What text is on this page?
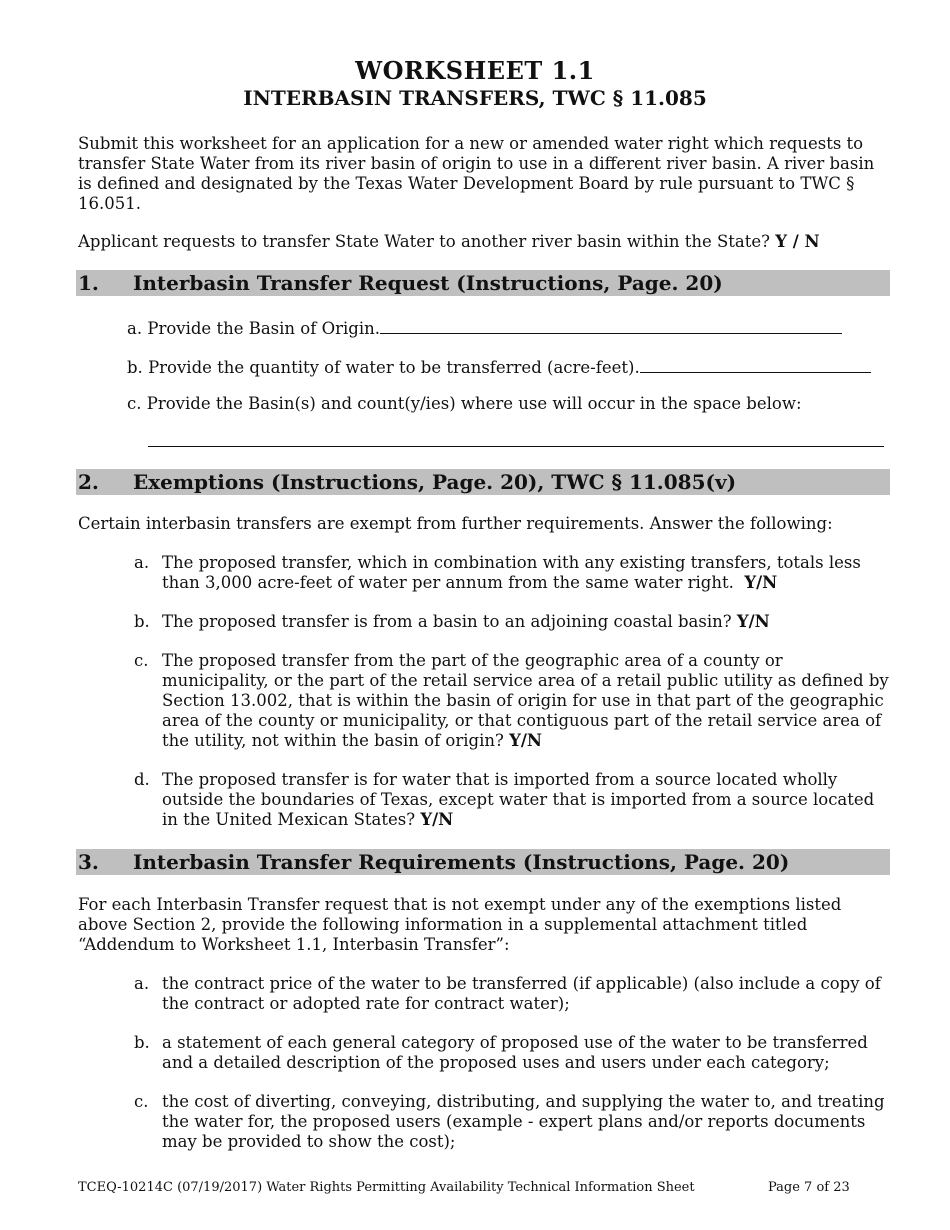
WORKSHEET 1.1
INTERBASIN TRANSFERS, TWC § 11.085
Submit this worksheet for an application for a new or amended water right which requests to transfer State Water from its river basin of origin to use in a different river basin. A river basin is defined and designated by the Texas Water Development Board by rule pursuant to TWC § 16.051.
Applicant requests to transfer State Water to another river basin within the State? Y / N
1. Interbasin Transfer Request (Instructions, Page. 20)
a. Provide the Basin of Origin.
b. Provide the quantity of water to be transferred (acre-feet).
c. Provide the Basin(s) and count(y/ies) where use will occur in the space below:
2. Exemptions (Instructions, Page. 20), TWC § 11.085(v)
Certain interbasin transfers are exempt from further requirements. Answer the following:
a. The proposed transfer, which in combination with any existing transfers, totals less than 3,000 acre-feet of water per annum from the same water right. Y/N
b. The proposed transfer is from a basin to an adjoining coastal basin? Y/N
c. The proposed transfer from the part of the geographic area of a county or municipality, or the part of the retail service area of a retail public utility as defined by Section 13.002, that is within the basin of origin for use in that part of the geographic area of the county or municipality, or that contiguous part of the retail service area of the utility, not within the basin of origin? Y/N
d. The proposed transfer is for water that is imported from a source located wholly outside the boundaries of Texas, except water that is imported from a source located in the United Mexican States? Y/N
3. Interbasin Transfer Requirements (Instructions, Page. 20)
For each Interbasin Transfer request that is not exempt under any of the exemptions listed above Section 2, provide the following information in a supplemental attachment titled “Addendum to Worksheet 1.1, Interbasin Transfer”:
a. the contract price of the water to be transferred (if applicable) (also include a copy of the contract or adopted rate for contract water);
b. a statement of each general category of proposed use of the water to be transferred and a detailed description of the proposed uses and users under each category;
c. the cost of diverting, conveying, distributing, and supplying the water to, and treating the water for, the proposed users (example - expert plans and/or reports documents may be provided to show the cost);
TCEQ-10214C (07/19/2017) Water Rights Permitting Availability Technical Information Sheet	Page 7 of 23
